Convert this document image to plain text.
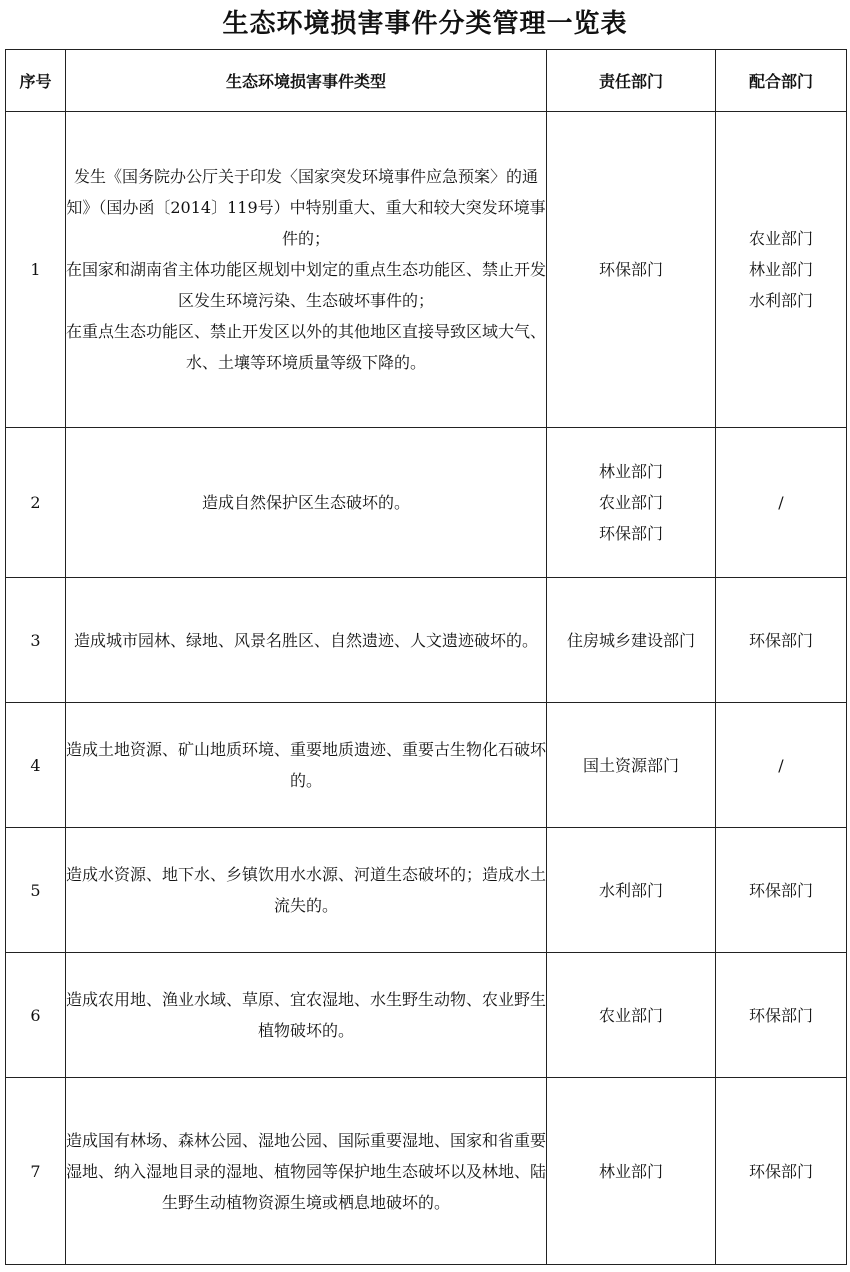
生态环境损害事件分类管理一览表
序号	生态环境损害事件类型	责任部门	配合部门
1	发生《国务院办公厅关于印发〈国家突发环境事件应急预案〉的通知》（国办函〔2014〕119号）中特别重大、重大和较大突发环境事件的；
在国家和湖南省主体功能区规划中划定的重点生态功能区、禁止开发区发生环境污染、生态破坏事件的；
在重点生态功能区、禁止开发区以外的其他地区直接导致区域大气、水、土壤等环境质量等级下降的。	环保部门	农业部门
林业部门
水利部门

2	造成自然保护区生态破坏的。	林业部门
农业部门
环保部门	/

3	造成城市园林、绿地、风景名胜区、自然遗迹、人文遗迹破坏的。	住房城乡建设部门	环保部门

4	造成土地资源、矿山地质环境、重要地质遗迹、重要古生物化石破坏的。	国土资源部门	/

5	造成水资源、地下水、乡镇饮用水水源、河道生态破坏的；造成水土流失的。	水利部门	环保部门

6	造成农用地、渔业水域、草原、宜农湿地、水生野生动物、农业野生植物破坏的。	农业部门	环保部门

7	造成国有林场、森林公园、湿地公园、国际重要湿地、国家和省重要湿地、纳入湿地目录的湿地、植物园等保护地生态破坏以及林地、陆生野生动植物资源生境或栖息地破坏的。	林业部门	环保部门
